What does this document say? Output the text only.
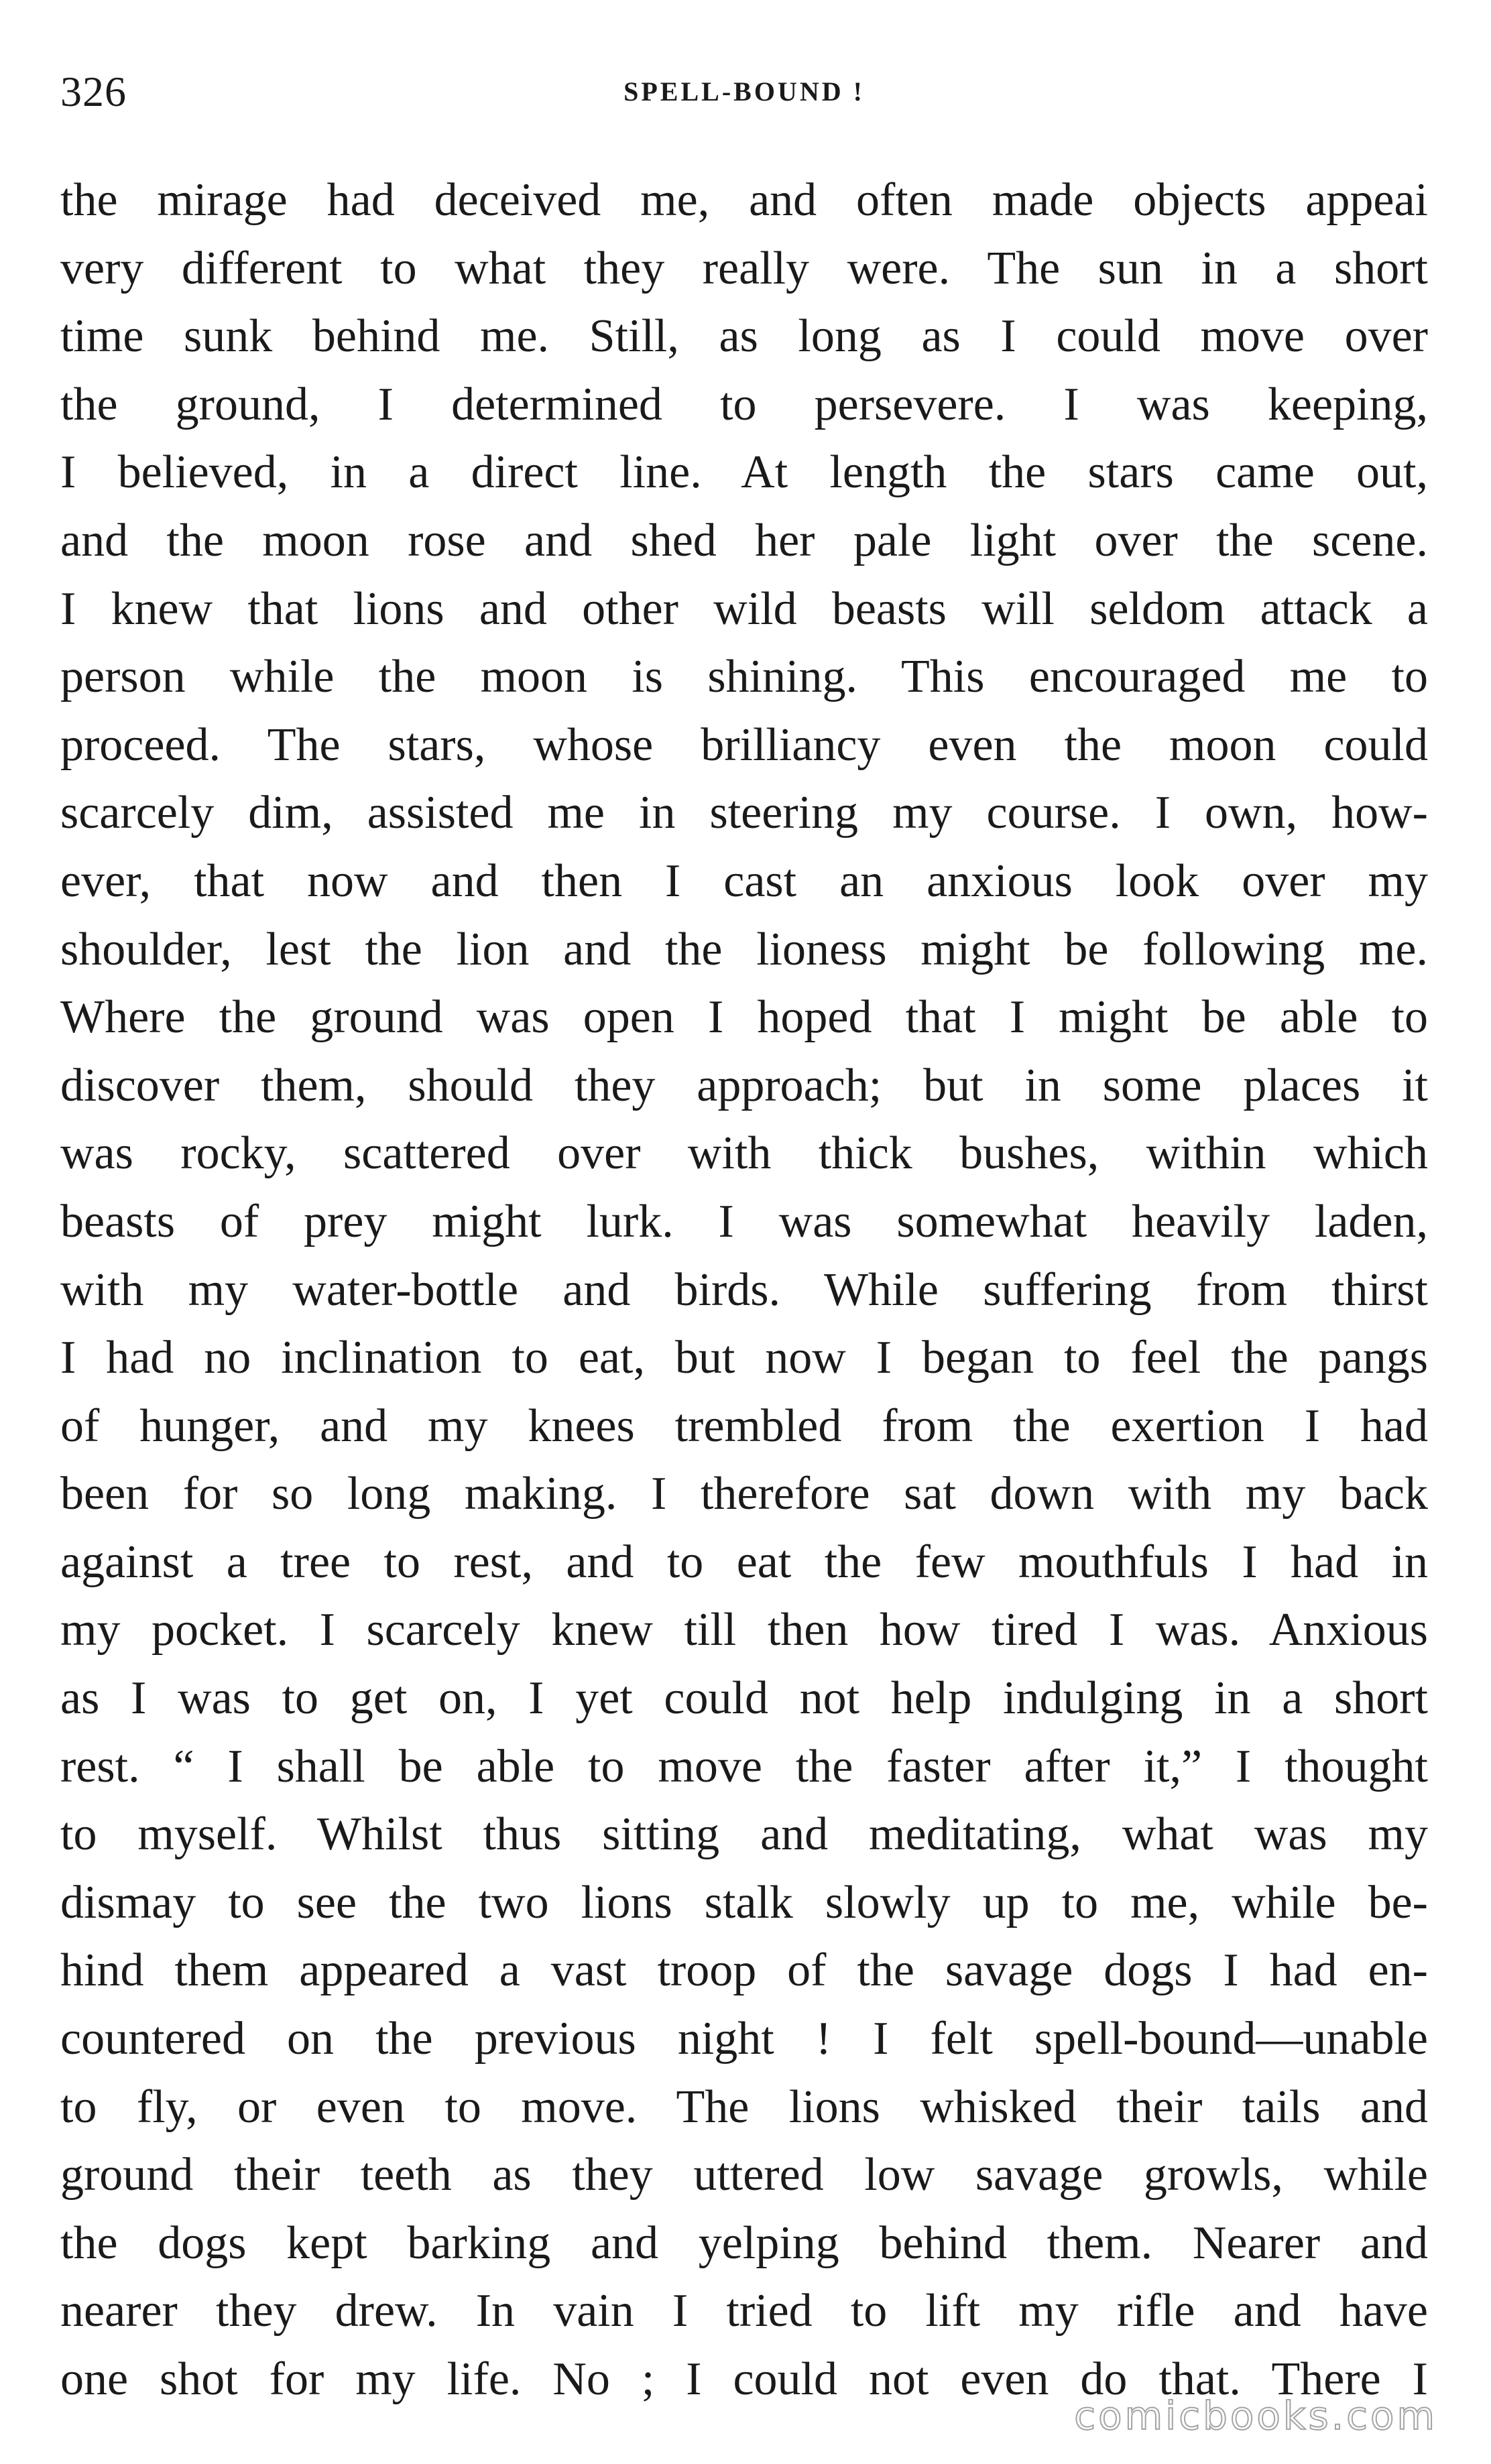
326	SPELL-BOUND !
the mirage had deceived me, and often made objects appeai
very different to what they really were. The sun in a short
time sunk behind me. Still, as long as I could move over
the ground, I determined to persevere. I was keeping,
I believed, in a direct line. At length the stars came out,
and the moon rose and shed her pale light over the scene.
I knew that lions and other wild beasts will seldom attack a
person while the moon is shining. This encouraged me to
proceed. The stars, whose brilliancy even the moon could
scarcely dim, assisted me in steering my course. I own, how-
ever, that now and then I cast an anxious look over my
shoulder, lest the lion and the lioness might be following me.
Where the ground was open I hoped that I might be able to
discover them, should they approach; but in some places it
was rocky, scattered over with thick bushes, within which
beasts of prey might lurk. I was somewhat heavily laden,
with my water-bottle and birds. While suffering from thirst
I had no inclination to eat, but now I began to feel the pangs
of hunger, and my knees trembled from the exertion I had
been for so long making. I therefore sat down with my back
against a tree to rest, and to eat the few mouthfuls I had in
my pocket. I scarcely knew till then how tired I was. Anxious
as I was to get on, I yet could not help indulging in a short
rest. “ I shall be able to move the faster after it,” I thought
to myself. Whilst thus sitting and meditating, what was my
dismay to see the two lions stalk slowly up to me, while be-
hind them appeared a vast troop of the savage dogs I had en-
countered on the previous night ! I felt spell-bound—unable
to fly, or even to move. The lions whisked their tails and
ground their teeth as they uttered low savage growls, while
the dogs kept barking and yelping behind them. Nearer and
nearer they drew. In vain I tried to lift my rifle and have
one shot for my life. No ; I could not even do that. There I
comicbooks.com
